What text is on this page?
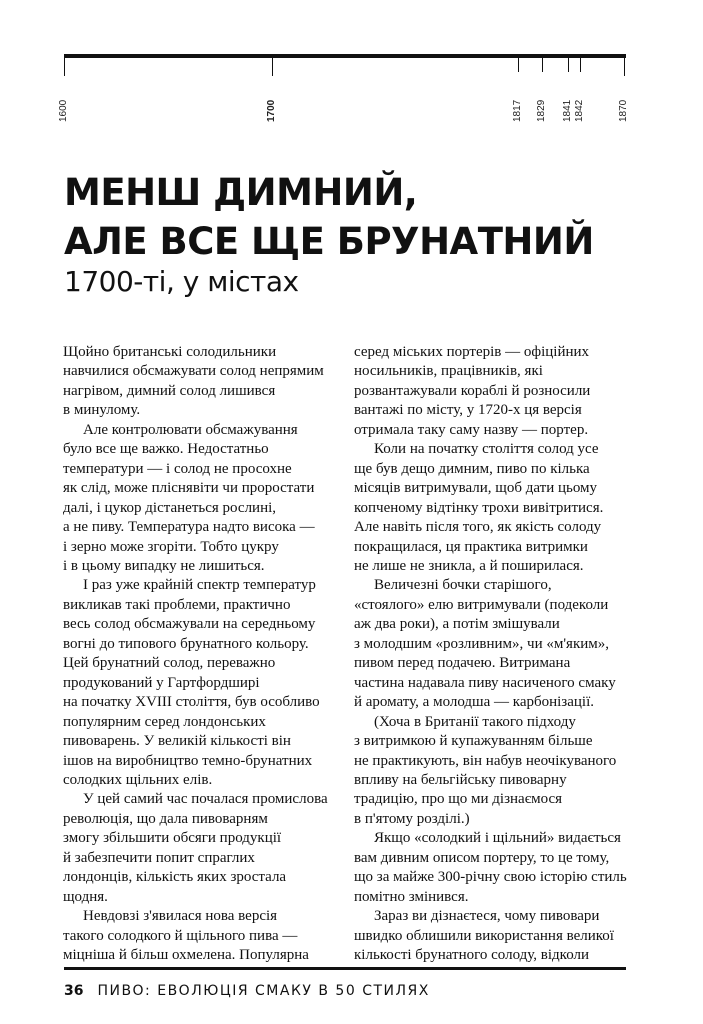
1600	1700	1817 1829 1841 1842	1870
МЕНШ ДИМНИЙ,
АЛЕ ВСЕ ЩЕ БРУНАТНИЙ
1700-ті, у містах

Щойно британські солодильники
навчилися обсмажувати солод непрямим
нагрівом, димний солод лишився
в минулому.

Але контролювати обсмажування
було все ще важко. Недостатньо
температури — і солод не просохне
як слід, може пліснявіти чи проростати
далі, і цукор дістанеться рослині,
а не пиву. Температура надто висока —
і зерно може згоріти. Тобто цукру
і в цьому випадку не лишиться.

І раз уже крайній спектр температур
викликав такі проблеми, практично
весь солод обсмажували на середньому
вогні до типового брунатного кольору.
Цей брунатний солод, переважно
продукований у Гартфордширі
на початку XVIII століття, був особливо
популярним серед лондонських
пивоварень. У великій кількості він
ішов на виробництво темно-брунатних
солодких щільних елів.

У цей самий час почалася промислова
революція, що дала пивоварням
змогу збільшити обсяги продукції
й забезпечити попит спраглих
лондонців, кількість яких зростала
щодня.

Невдовзі з'явилася нова версія
такого солодкого й щільного пива —
міцніша й більш охмелена. Популярна

серед міських портерів — офіційних
носильників, працівників, які
розвантажували кораблі й розносили
вантажі по місту, у 1720-х ця версія
отримала таку саму назву — портер.

Коли на початку століття солод усе
ще був дещо димним, пиво по кілька
місяців витримували, щоб дати цьому
копченому відтінку трохи вивітритися.
Але навіть після того, як якість солоду
покращилася, ця практика витримки
не лише не зникла, а й поширилася.

Величезні бочки старішого,
«стоялого» елю витримували (подеколи
аж два роки), а потім змішували
з молодшим «розливним», чи «м'яким»,
пивом перед подачею. Витримана
частина надавала пиву насиченого смаку
й аромату, а молодша — карбонізації.

(Хоча в Британії такого підходу
з витримкою й купажуванням більше
не практикують, він набув неочікуваного
впливу на бельгійську пивоварну
традицію, про що ми дізнаємося
в п'ятому розділі.)

Якщо «солодкий і щільний» видається
вам дивним описом портеру, то це тому,
що за майже 300-річну свою історію стиль
помітно змінився.

Зараз ви дізнаєтеся, чому пивовари
швидко облишили використання великої
кількості брунатного солоду, відколи

36 ПИВО: ЕВОЛЮЦІЯ СМАКУ В 50 СТИЛЯХ
